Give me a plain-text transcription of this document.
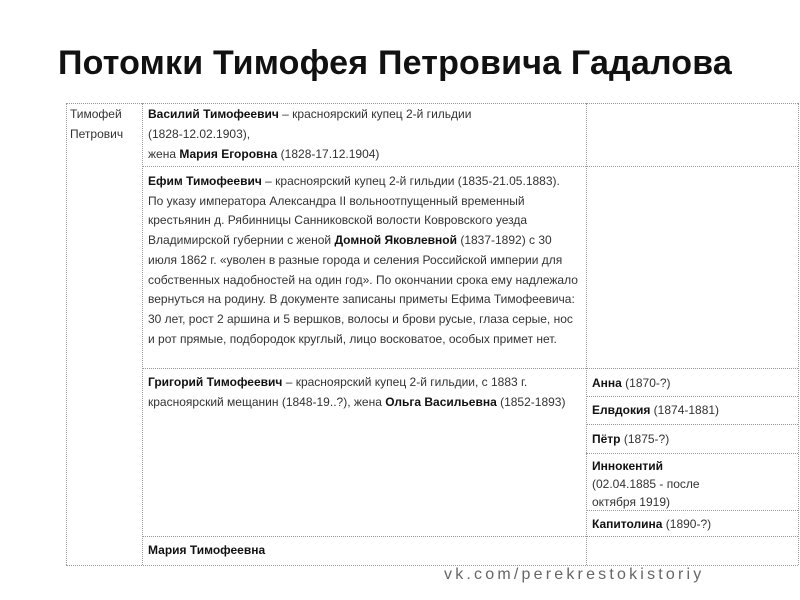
Потомки Тимофея Петровича Гадалова
Тимофей
Петрович
Василий Тимофеевич – красноярский купец 2-й гильдии
(1828-12.02.1903),
жена Мария Егоровна (1828-17.12.1904)
Ефим Тимофеевич – красноярский купец 2-й гильдии (1835-21.05.1883). По указу императора Александра II вольноотпущенный временный крестьянин д. Рябинницы Санниковской волости Ковровского уезда Владимирской губернии с женой Домной Яковлевной (1837-1892) с 30 июля 1862 г. «уволен в разные города и селения Российской империи для собственных надобностей на один год». По окончании срока ему надлежало вернуться на родину. В документе записаны приметы Ефима Тимофеевича: 30 лет, рост 2 аршина и 5 вершков, волосы и брови русые, глаза серые, нос и рот прямые, подбородок круглый, лицо восковатое, особых примет нет.
Григорий Тимофеевич – красноярский купец 2-й гильдии, с 1883 г. красноярский мещанин (1848-19..?), жена Ольга Васильевна (1852-1893)
Анна (1870-?)
Елвдокия (1874-1881)
Пётр (1875-?)
Иннокентий
(02.04.1885 - после октября 1919)
Капитолина (1890-?)
Мария Тимофеевна
vk.com/perekrestokistoriy
